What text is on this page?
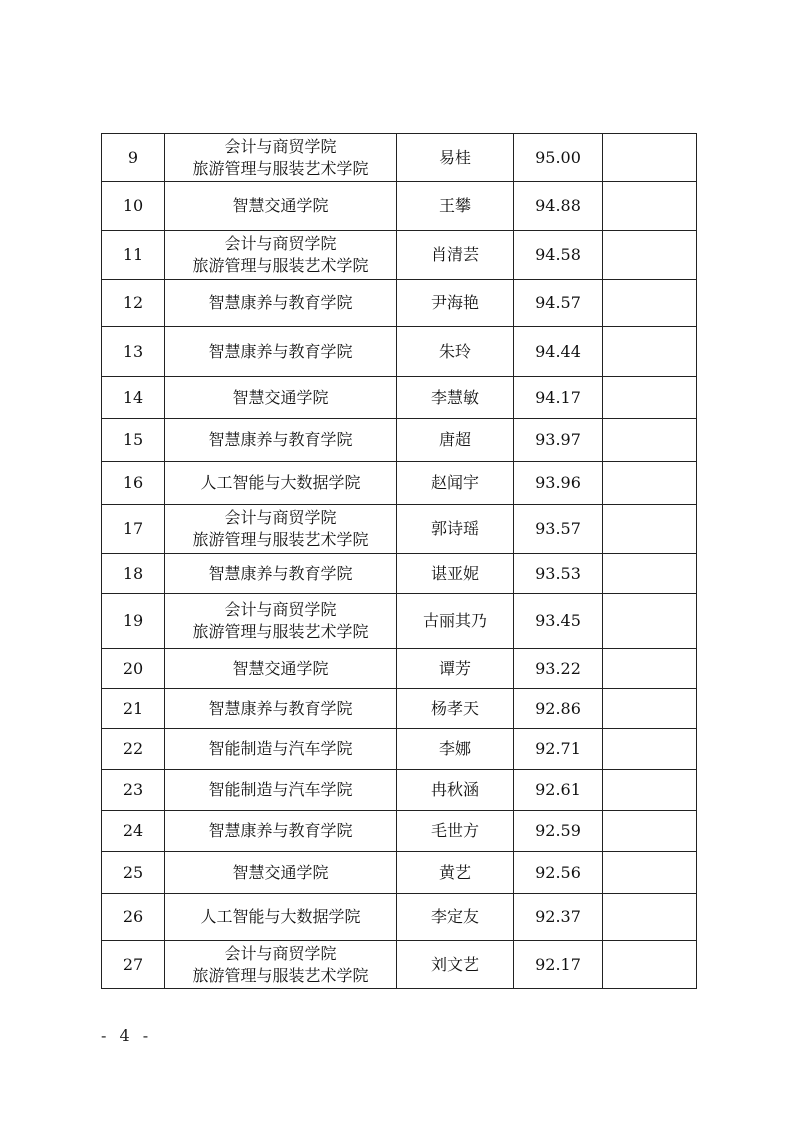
9	会计与商贸学院
旅游管理与服装艺术学院	易桂	95.00	
10	智慧交通学院	王攀	94.88	
11	会计与商贸学院
旅游管理与服装艺术学院	肖清芸	94.58	
12	智慧康养与教育学院	尹海艳	94.57	
13	智慧康养与教育学院	朱玲	94.44	
14	智慧交通学院	李慧敏	94.17	
15	智慧康养与教育学院	唐超	93.97	
16	人工智能与大数据学院	赵闻宇	93.96	
17	会计与商贸学院
旅游管理与服装艺术学院	郭诗瑶	93.57	
18	智慧康养与教育学院	谌亚妮	93.53	
19	会计与商贸学院
旅游管理与服装艺术学院	古丽其乃	93.45	
20	智慧交通学院	谭芳	93.22	
21	智慧康养与教育学院	杨孝天	92.86	
22	智能制造与汽车学院	李娜	92.71	
23	智能制造与汽车学院	冉秋涵	92.61	
24	智慧康养与教育学院	毛世方	92.59	
25	智慧交通学院	黄艺	92.56	
26	人工智能与大数据学院	李定友	92.37	
27	会计与商贸学院
旅游管理与服装艺术学院	刘文艺	92.17	
- 4 -
